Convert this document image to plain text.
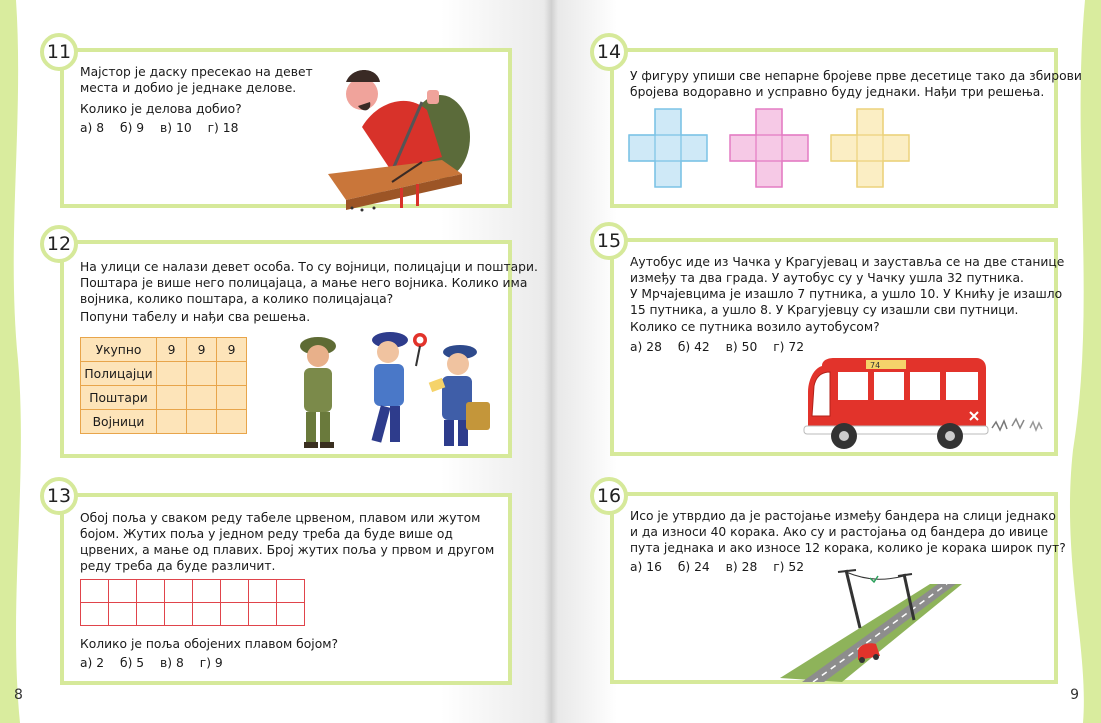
11
Мајстор је даску пресекао на девет
места и добио је једнаке делове.
Колико је делова добио?
а) 8 б) 9 в) 10 г) 18
12
На улици се налази девет особа. То су војници, полицајци и поштари.
Поштара је више него полицајаца, а мање него војника. Колико има
војника, колико поштара, а колико полицајаца?
Попуни табелу и нађи сва решења.
Укупно	9	9	9
Полицајци			
Поштари			
Војници			
13
Обој поља у сваком реду табеле црвеном, плавом или жутом
бојом. Жутих поља у једном реду треба да буде више од
црвених, а мање од плавих. Број жутих поља у првом и другом
реду треба да буде различит.

Колико је поља обојених плавом бојом?
а) 2 б) 5 в) 8 г) 9
8
14
У фигуру упиши све непарне бројеве прве десетице тако да збирови
бројева водоравно и усправно буду једнаки. Нађи три решења.
15
Аутобус иде из Чачка у Крагујевац и зауставља се на две станице
између та два града. У аутобус су у Чачку ушла 32 путника.
У Мрчајевцима је изашло 7 путника, а ушло 10. У Книћу је изашло
15 путника, а ушло 8. У Крагујевцу су изашли сви путници.
Колико се путника возило аутобусом?
а) 28 б) 42 в) 50 г) 72
74
16
Исо је утврдио да је растојање између бандера на слици једнако
и да износи 40 корака. Ако су и растојања од бандера до ивице
пута једнака и ако износе 12 корака, колико је корака широк пут?
а) 16 б) 24 в) 28 г) 52
9
